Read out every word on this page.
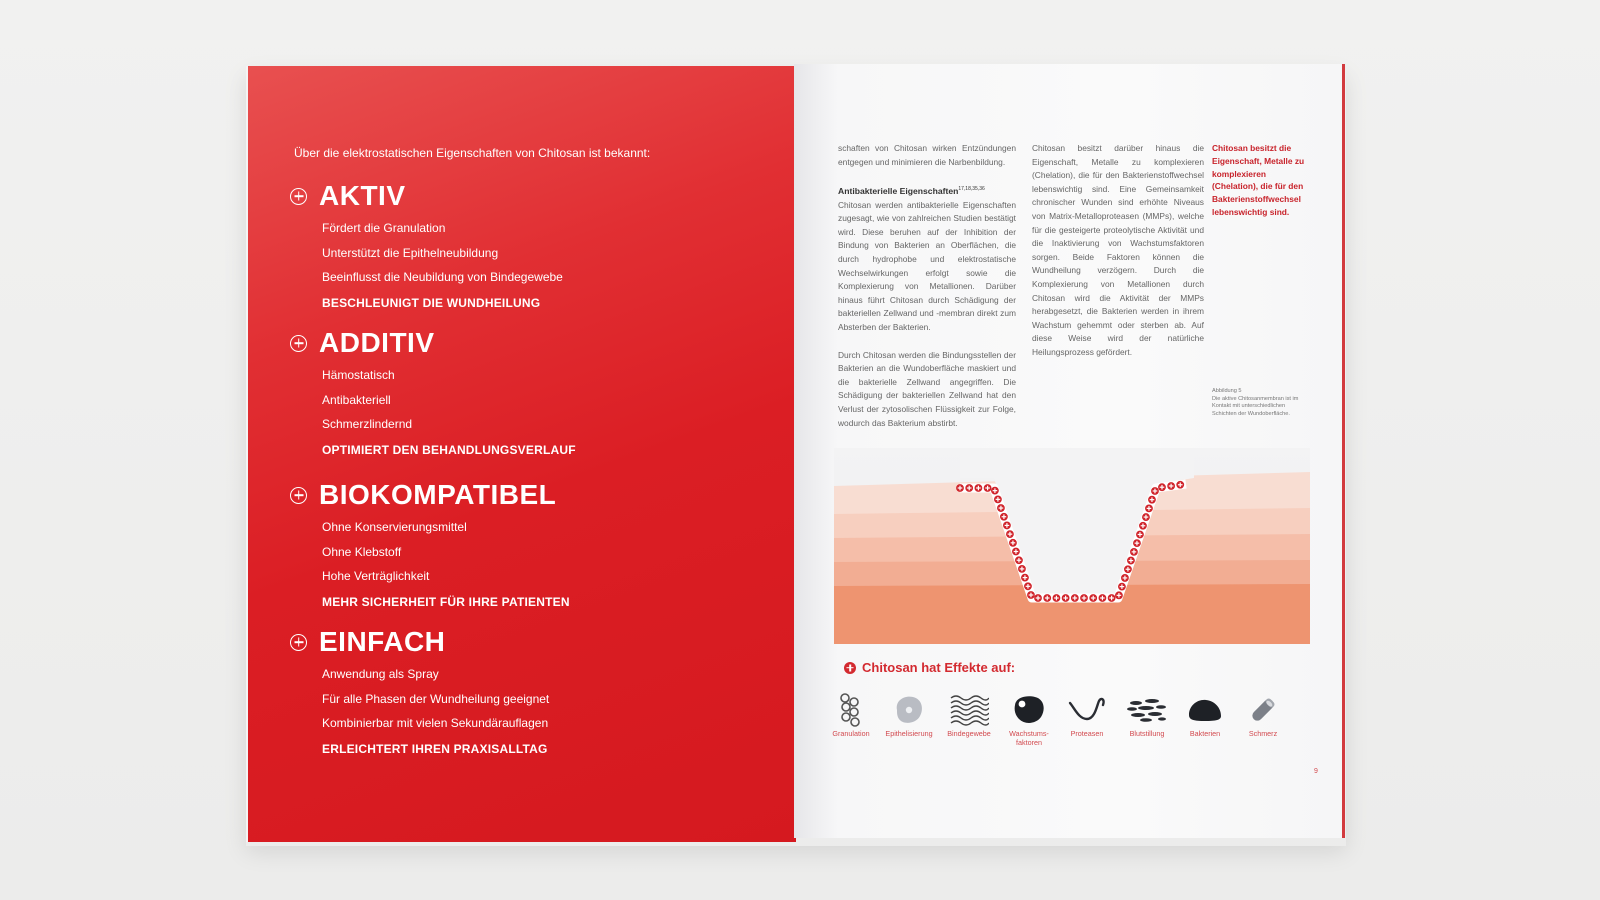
Über die elektrostatischen Eigenschaften von Chitosan ist bekannt:
AKTIV
Fördert die Granulation
Unterstützt die Epithelneubildung
Beeinflusst die Neubildung von Bindegewebe
BESCHLEUNIGT DIE WUNDHEILUNG
ADDITIV
Hämostatisch
Antibakteriell
Schmerzlindernd
OPTIMIERT DEN BEHANDLUNGSVERLAUF
BIOKOMPATIBEL
Ohne Konservierungsmittel
Ohne Klebstoff
Hohe Verträglichkeit
MEHR SICHERHEIT FÜR IHRE PATIENTEN
EINFACH
Anwendung als Spray
Für alle Phasen der Wundheilung geeignet
Kombinierbar mit vielen Sekundärauflagen
ERLEICHTERT IHREN PRAXISALLTAG

schaften von Chitosan wirken Entzündungen entgegen und minimieren die Narbenbildung.

Antibakterielle Eigenschaften$^{17,18,35,36}$

Chitosan werden antibakterielle Eigenschaften zugesagt, wie von zahlreichen Studien bestätigt wird. Diese beruhen auf der Inhibition der Bindung von Bakterien an Oberflächen, die durch hydrophobe und elektrostatische Wechselwirkungen erfolgt sowie die Komplexierung von Metallionen. Darüber hinaus führt Chitosan durch Schädigung der bakteriellen Zellwand und -membran direkt zum Absterben der Bakterien.

Durch Chitosan werden die Bindungsstellen der Bakterien an die Wundoberfläche maskiert und die bakterielle Zellwand angegriffen. Die Schädigung der bakteriellen Zellwand hat den Verlust der zytosolischen Flüssigkeit zur Folge, wodurch das Bakterium abstirbt.

Chitosan besitzt darüber hinaus die Eigenschaft, Metalle zu komplexieren (Chelation), die für den Bakterienstoffwechsel lebenswichtig sind. Eine Gemeinsamkeit chronischer Wunden sind erhöhte Niveaus von Matrix-Metalloproteasen (MMPs), welche für die gesteigerte proteolytische Aktivität und die Inaktivierung von Wachstumsfaktoren sorgen. Beide Faktoren können die Wundheilung verzögern. Durch die Komplexierung von Metallionen durch Chitosan wird die Aktivität der MMPs herabgesetzt, die Bakterien werden in ihrem Wachstum gehemmt oder sterben ab. Auf diese Weise wird der natürliche Heilungsprozess gefördert.

Chitosan besitzt die Eigenschaft, Metalle zu komplexieren (Chelation), die für den Bakterienstoffwechsel lebenswichtig sind.
Abbildung 5
Die aktive Chitosanmembran ist im Kontakt mit unterschiedlichen Schichten der Wundoberfläche.
Chitosan hat Effekte auf:
Granulation	Epithelisierung	Bindegewebe	Wachstums-faktoren
Proteasen	Blutstillung	Bakterien	Schmerz
9
